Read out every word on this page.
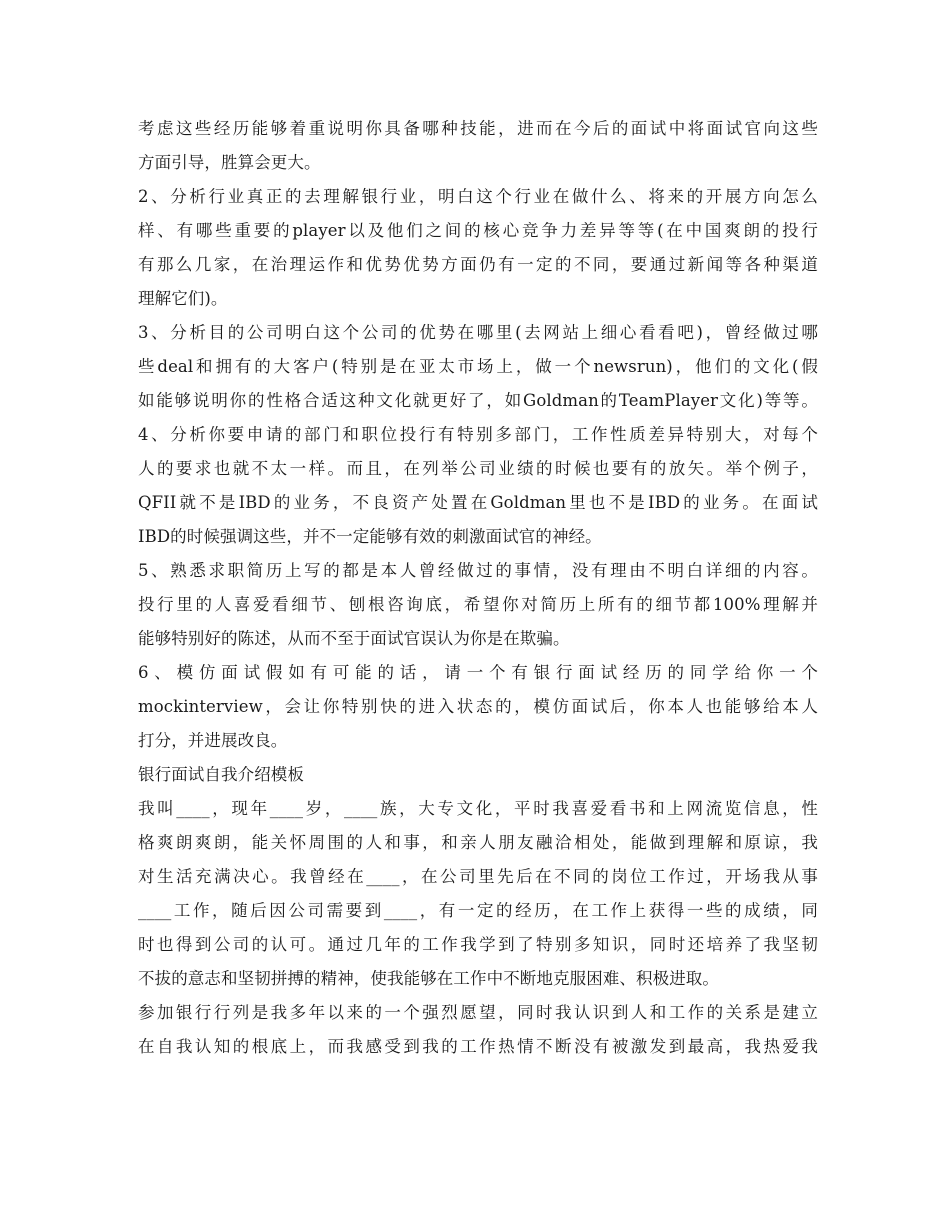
考虑这些经历能够着重说明你具备哪种技能，进而在今后的面试中将面试官向这些
方面引导，胜算会更大。
2、分析行业真正的去理解银行业，明白这个行业在做什么、将来的开展方向怎么
样、有哪些重要的player以及他们之间的核心竞争力差异等等(在中国爽朗的投行
有那么几家，在治理运作和优势优势方面仍有一定的不同，要通过新闻等各种渠道
理解它们)。
3、分析目的公司明白这个公司的优势在哪里(去网站上细心看看吧)，曾经做过哪
些deal和拥有的大客户(特别是在亚太市场上，做一个newsrun)，他们的文化(假
如能够说明你的性格合适这种文化就更好了，如Goldman的TeamPlayer文化)等等。
4、分析你要申请的部门和职位投行有特别多部门，工作性质差异特别大，对每个
人的要求也就不太一样。而且，在列举公司业绩的时候也要有的放矢。举个例子，
QFII就不是IBD的业务，不良资产处置在Goldman里也不是IBD的业务。在面试
IBD的时候强调这些，并不一定能够有效的刺激面试官的神经。
5、熟悉求职简历上写的都是本人曾经做过的事情，没有理由不明白详细的内容。
投行里的人喜爱看细节、刨根咨询底，希望你对简历上所有的细节都100%理解并
能够特别好的陈述，从而不至于面试官误认为你是在欺骗。
6、模仿面试假如有可能的话，请一个有银行面试经历的同学给你一个
mockinterview，会让你特别快的进入状态的，模仿面试后，你本人也能够给本人
打分，并进展改良。
银行面试自我介绍模板
我叫____，现年____岁，____族，大专文化，平时我喜爱看书和上网流览信息，性
格爽朗爽朗，能关怀周围的人和事，和亲人朋友融洽相处，能做到理解和原谅，我
对生活充满决心。我曾经在____，在公司里先后在不同的岗位工作过，开场我从事
____工作，随后因公司需要到____，有一定的经历，在工作上获得一些的成绩，同
时也得到公司的认可。通过几年的工作我学到了特别多知识，同时还培养了我坚韧
不拔的意志和坚韧拼搏的精神，使我能够在工作中不断地克服困难、积极进取。
参加银行行列是我多年以来的一个强烈愿望，同时我认识到人和工作的关系是建立
在自我认知的根底上，而我感受到我的工作热情不断没有被激发到最高，我热爱我
